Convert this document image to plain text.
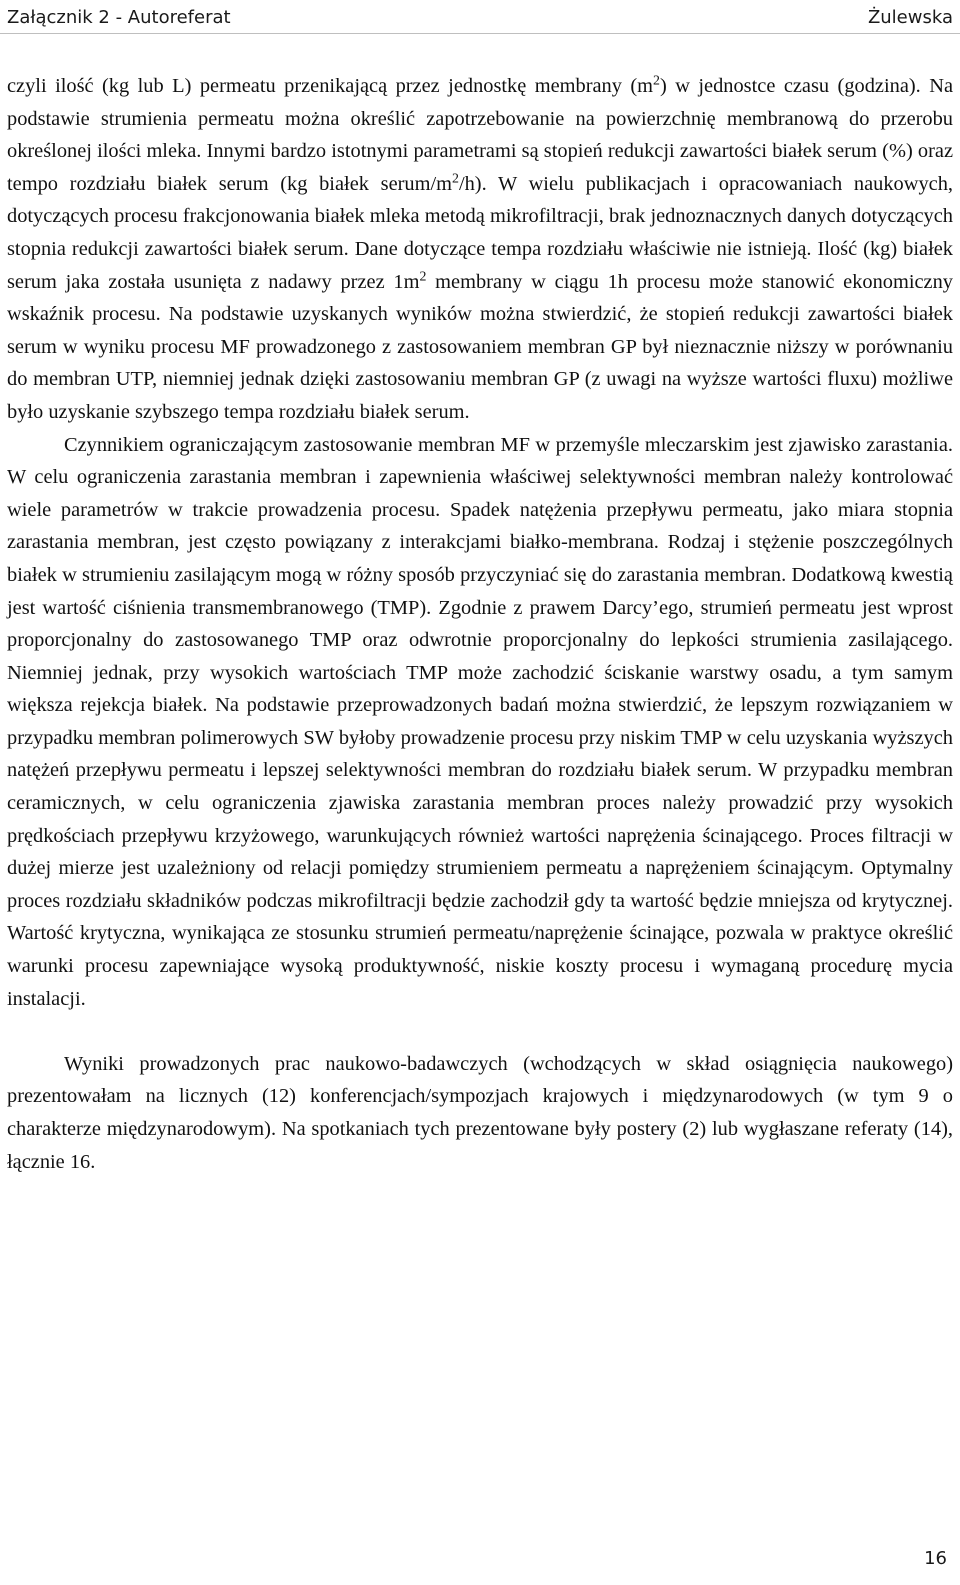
Załącznik 2 - Autoreferat	Żulewska

czyli ilość (kg lub L) permeatu przenikającą przez jednostkę membrany $(m^2)$ w jednostce czasu (godzina). Na podstawie strumienia permeatu można określić zapotrzebowanie na powierzchnię membranową do przerobu określonej ilości mleka. Innymi bardzo istotnymi parametrami są stopień redukcji zawartości białek serum (%) oraz tempo rozdziału białek serum (kg białek serum/$m^2/h$). W wielu publikacjach i opracowaniach naukowych, dotyczących procesu frakcjonowania białek mleka metodą mikrofiltracji, brak jednoznacznych danych dotyczących stopnia redukcji zawartości białek serum. Dane dotyczące tempa rozdziału właściwie nie istnieją. Ilość (kg) białek serum jaka została usunięta z nadawy przez $1m^2$ membrany w ciągu 1h procesu może stanowić ekonomiczny wskaźnik procesu. Na podstawie uzyskanych wyników można stwierdzić, że stopień redukcji zawartości białek serum w wyniku procesu MF prowadzonego z zastosowaniem membran GP był nieznacznie niższy w porównaniu do membran UTP, niemniej jednak dzięki zastosowaniu membran GP (z uwagi na wyższe wartości fluxu) możliwe było uzyskanie szybszego tempa rozdziału białek serum.

Czynnikiem ograniczającym zastosowanie membran MF w przemyśle mleczarskim jest zjawisko zarastania. W celu ograniczenia zarastania membran i zapewnienia właściwej selektywności membran należy kontrolować wiele parametrów w trakcie prowadzenia procesu. Spadek natężenia przepływu permeatu, jako miara stopnia zarastania membran, jest często powiązany z interakcjami białko-membrana. Rodzaj i stężenie poszczególnych białek w strumieniu zasilającym mogą w różny sposób przyczyniać się do zarastania membran. Dodatkową kwestią jest wartość ciśnienia transmembranowego (TMP). Zgodnie z prawem Darcy’ego, strumień permeatu jest wprost proporcjonalny do zastosowanego TMP oraz odwrotnie proporcjonalny do lepkości strumienia zasilającego. Niemniej jednak, przy wysokich wartościach TMP może zachodzić ściskanie warstwy osadu, a tym samym większa rejekcja białek. Na podstawie przeprowadzonych badań można stwierdzić, że lepszym rozwiązaniem w przypadku membran polimerowych SW byłoby prowadzenie procesu przy niskim TMP w celu uzyskania wyższych natężeń przepływu permeatu i lepszej selektywności membran do rozdziału białek serum. W przypadku membran ceramicznych, w celu ograniczenia zjawiska zarastania membran proces należy prowadzić przy wysokich prędkościach przepływu krzyżowego, warunkujących również wartości naprężenia ścinającego. Proces filtracji w dużej mierze jest uzależniony od relacji pomiędzy strumieniem permeatu a naprężeniem ścinającym. Optymalny proces rozdziału składników podczas mikrofiltracji będzie zachodził gdy ta wartość będzie mniejsza od krytycznej. Wartość krytyczna, wynikająca ze stosunku strumień permeatu/naprężenie ścinające, pozwala w praktyce określić warunki procesu zapewniające wysoką produktywność, niskie koszty procesu i wymaganą procedurę mycia instalacji.

Wyniki prowadzonych prac naukowo-badawczych (wchodzących w skład osiągnięcia naukowego) prezentowałam na licznych (12) konferencjach/sympozjach krajowych i międzynarodowych (w tym 9 o charakterze międzynarodowym). Na spotkaniach tych prezentowane były postery (2) lub wygłaszane referaty (14), łącznie 16.

16
